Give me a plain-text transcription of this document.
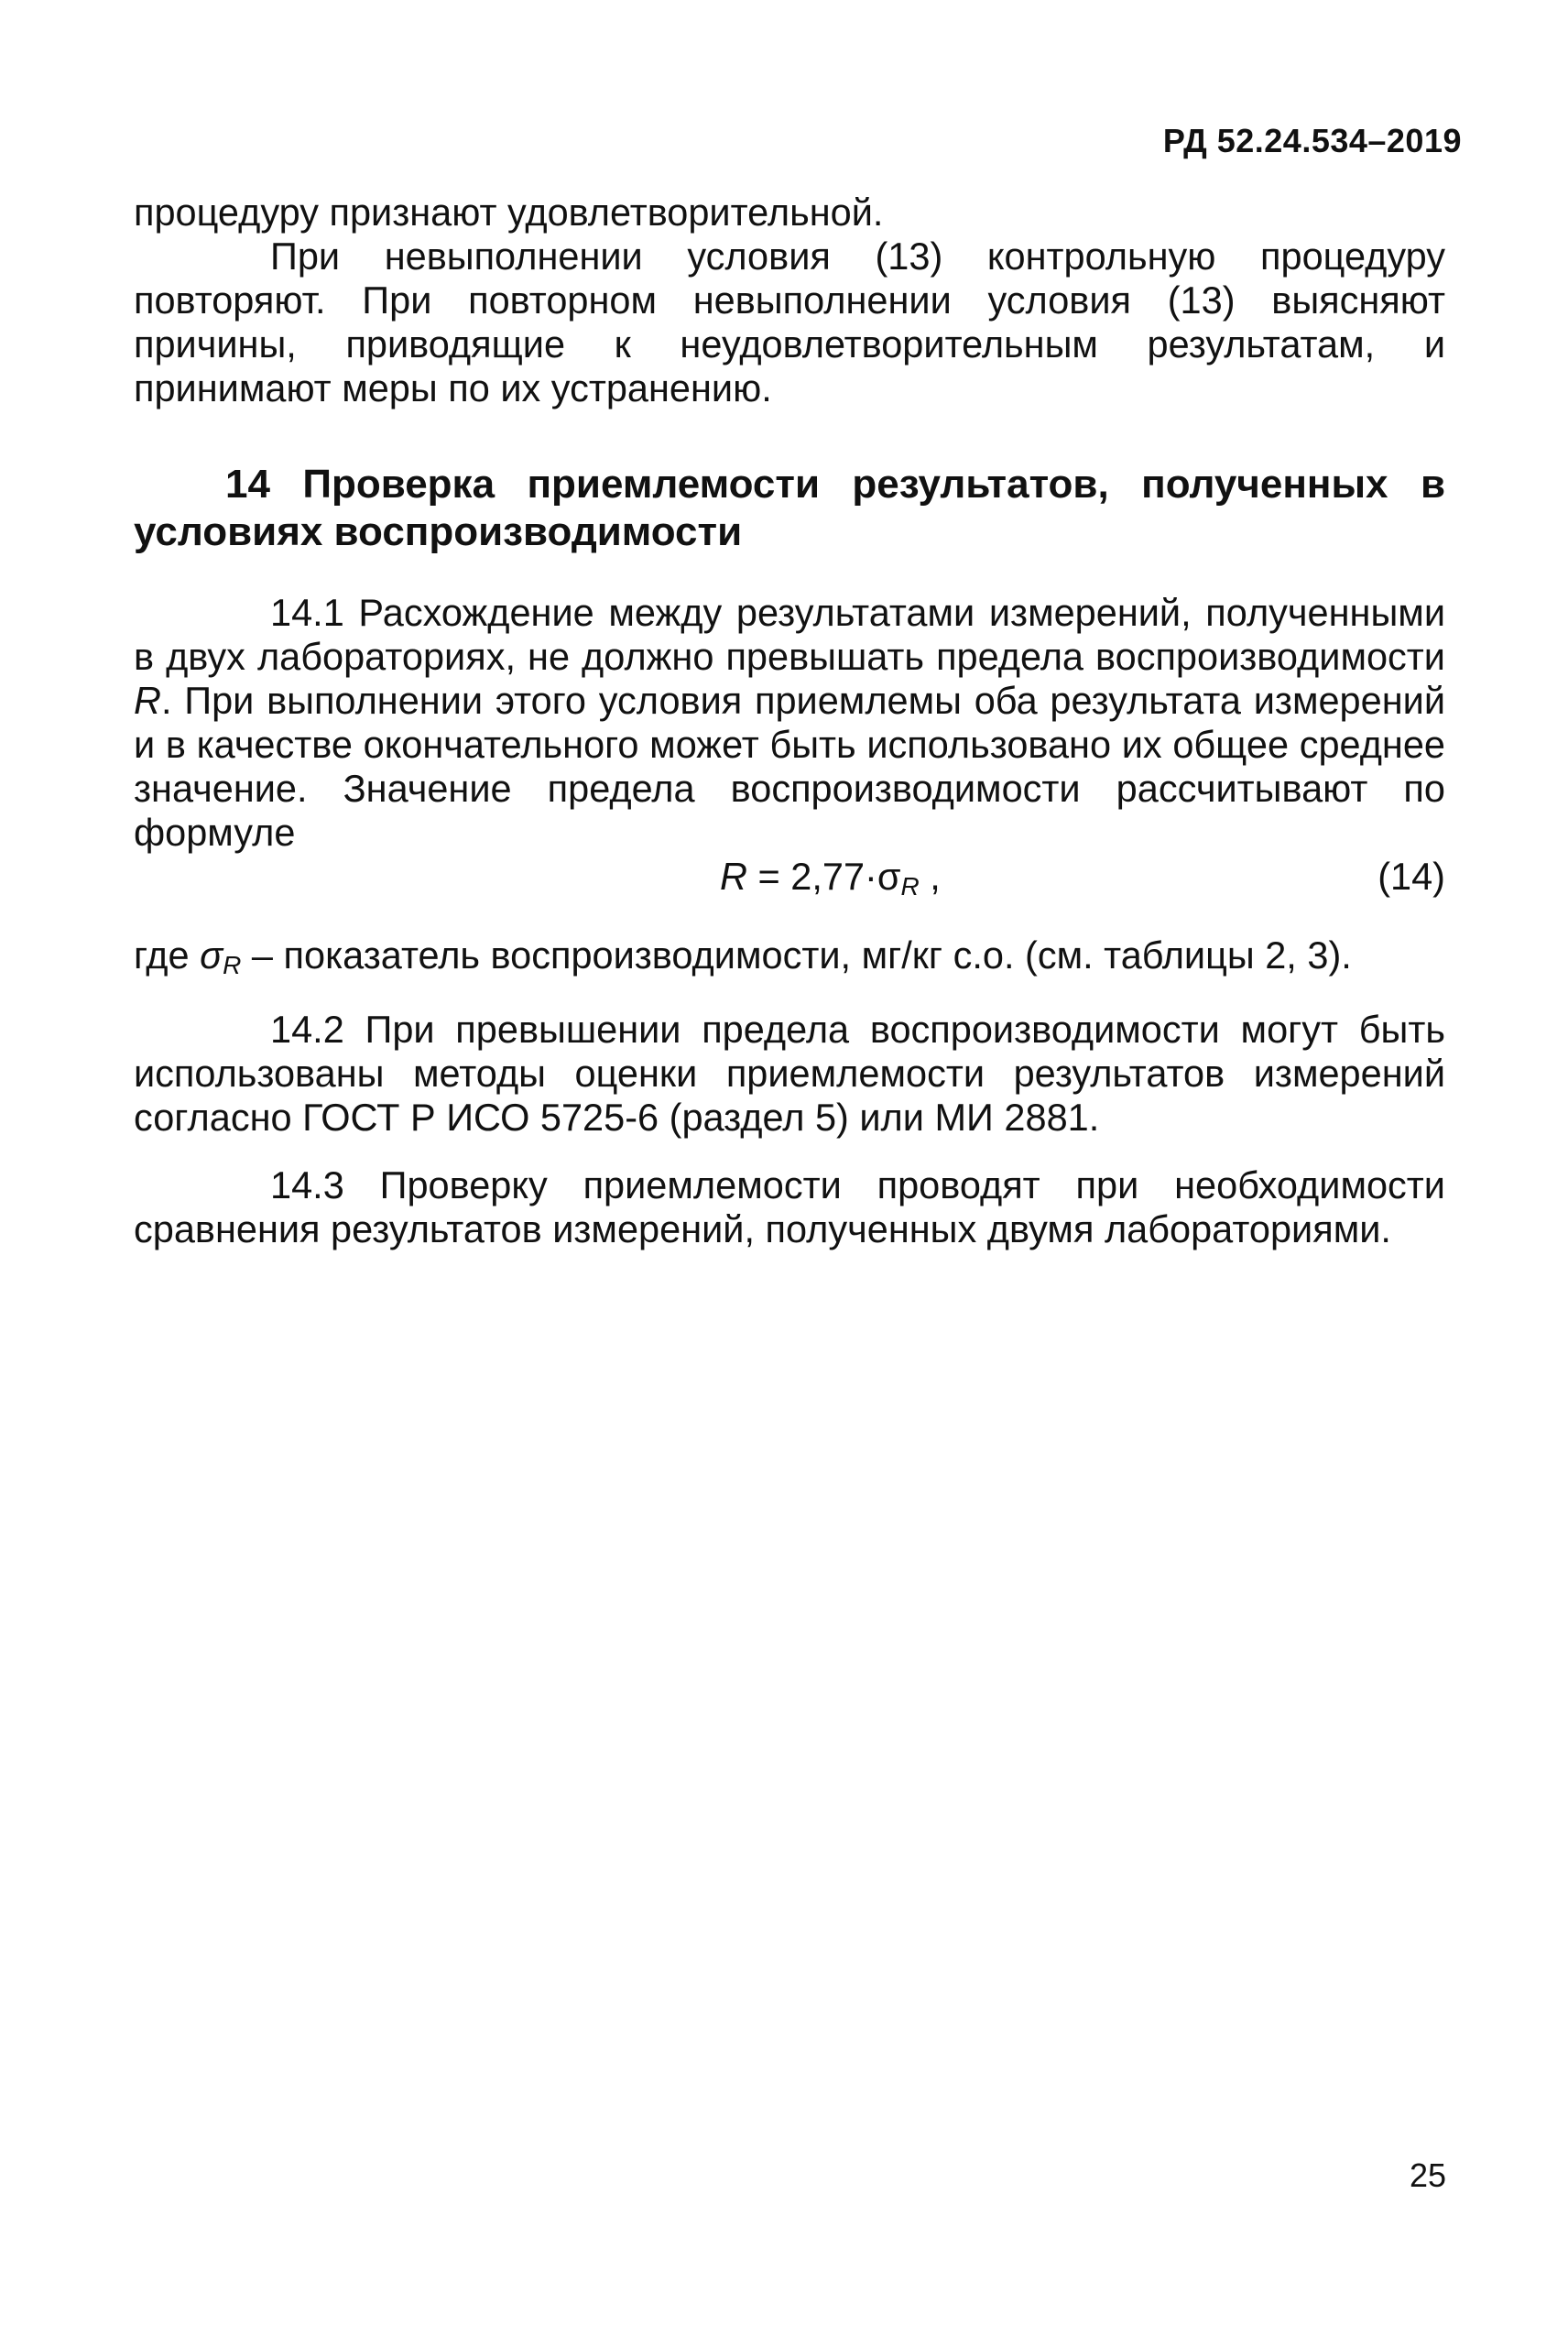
РД 52.24.534–2019

процедуру признают удовлетворительной.

При невыполнении условия (13) контрольную процедуру повторяют. При повторном невыполнении условия (13) выясняют причины, приводящие к неудовлетворительным результатам, и принимают меры по их устранению.

14 Проверка приемлемости результатов, полученных в условиях воспроизводимости

14.1 Расхождение между результатами измерений, полученными в двух лабораториях, не должно превышать предела воспроизводимости R. При выполнении этого условия приемлемы оба результата измерений и в качестве окончательного может быть использовано их общее среднее значение. Значение предела воспроизводимости рассчитывают по формуле

$R = 2,77\cdot\sigma_R$ ,	(14)

где $\sigma_R$ – показатель воспроизводимости, мг/кг с.о. (см. таблицы 2, 3).

14.2 При превышении предела воспроизводимости могут быть использованы методы оценки приемлемости результатов измерений согласно ГОСТ Р ИСО 5725-6 (раздел 5) или МИ 2881.

14.3 Проверку приемлемости проводят при необходимости сравнения результатов измерений, полученных двумя лабораториями.

25
